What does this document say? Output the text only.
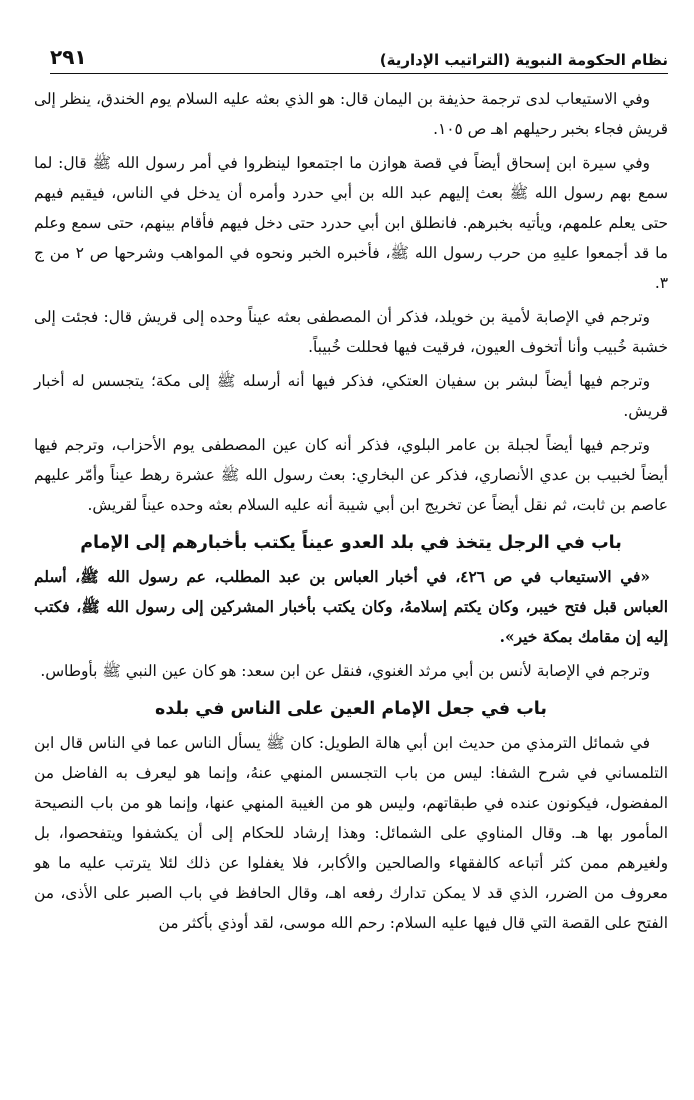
نظام الحكومة النبوية (التراتيب الإدارية)
٢٩١

وفي الاستيعاب لدى ترجمة حذيفة بن اليمان قال: هو الذي بعثه عليه السلام يوم الخندق، ينظر إلى قريش فجاء بخبر رحيلهم اهـ ص ١٠٥.

وفي سيرة ابن إسحاق أيضاً في قصة هوازن ما اجتمعوا لينظروا في أمر رسول الله ﷺ قال: لما سمع بهم رسول الله ﷺ بعث إليهم عبد الله بن أبي حدرد وأمره أن يدخل في الناس، فيقيم فيهم حتى يعلم علمهم، ويأتيه بخبرهم. فانطلق ابن أبي حدرد حتى دخل فيهم فأقام بينهم، حتى سمع وعلم ما قد أجمعوا عليهِ من حرب رسول الله ﷺ، فأخبره الخبر ونحوه في المواهب وشرحها ص ٢ من ج ٣.

وترجم في الإصابة لأمية بن خويلد، فذكر أن المصطفى بعثه عيناً وحده إلى قريش قال: فجئت إلى خشبة خُبيب وأنا أتخوف العيون، فرقيت فيها فحللت خُبيباً.

وترجم فيها أيضاً لبشر بن سفيان العتكي، فذكر فيها أنه أرسله ﷺ إلى مكة؛ يتجسس له أخبار قريش.

وترجم فيها أيضاً لجبلة بن عامر البلوي، فذكر أنه كان عين المصطفى يوم الأحزاب، وترجم فيها أيضاً لخبيب بن عدي الأنصاري، فذكر عن البخاري: بعث رسول الله ﷺ عشرة رهط عيناً وأمّر عليهم عاصم بن ثابت، ثم نقل أيضاً عن تخريج ابن أبي شيبة أنه عليه السلام بعثه وحده عيناً لقريش.

باب في الرجل يتخذ في بلد العدو عيناً يكتب بأخبارهم إلى الإمام

«في الاستيعاب في ص ٤٢٦، في أخبار العباس بن عبد المطلب، عم رسول الله ﷺ، أسلم العباس قبل فتح خيبر، وكان يكتم إسلامهُ، وكان يكتب بأخبار المشركين إلى رسول الله ﷺ، فكتب إليه إن مقامك بمكة خير».

وترجم في الإصابة لأنس بن أبي مرثد الغنوي، فنقل عن ابن سعد: هو كان عين النبي ﷺ بأوطاس.

باب في جعل الإمام العين على الناس في بلده

في شمائل الترمذي من حديث ابن أبي هالة الطويل: كان ﷺ يسأل الناس عما في الناس قال ابن التلمساني في شرح الشفا: ليس من باب التجسس المنهي عنهُ، وإنما هو ليعرف به الفاضل من المفضول، فيكونون عنده في طبقاتهم، وليس هو من الغيبة المنهي عنها، وإنما هو من باب النصيحة المأمور بها هـ. وقال المناوي على الشمائل: وهذا إرشاد للحكام إلى أن يكشفوا ويتفحصوا، بل ولغيرهم ممن كثر أتباعه كالفقهاء والصالحين والأكابر، فلا يغفلوا عن ذلك لئلا يترتب عليه ما هو معروف من الضرر، الذي قد لا يمكن تدارك رفعه اهـ، وقال الحافظ في باب الصبر على الأذى، من الفتح على القصة التي قال فيها عليه السلام: رحم الله موسى، لقد أوذي بأكثر من
